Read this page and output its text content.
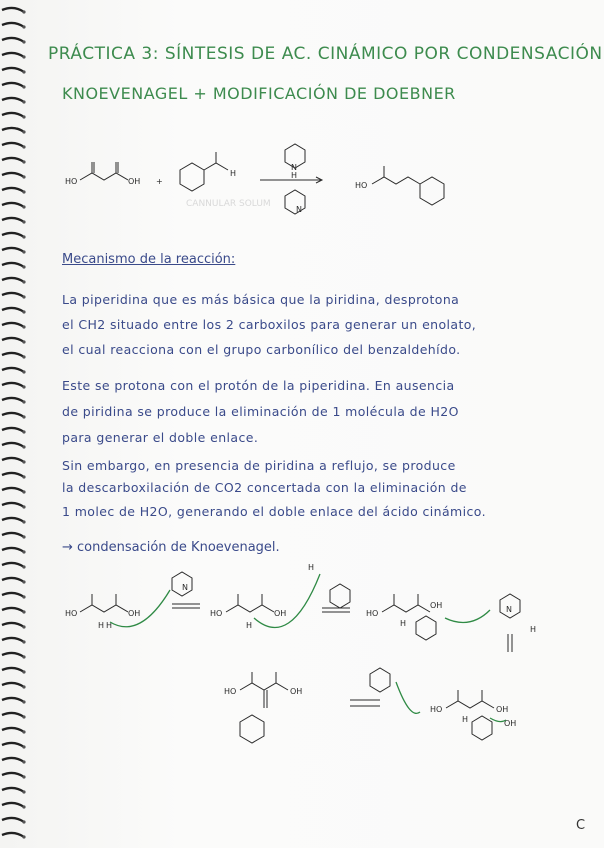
PRÁCTICA 3: SÍNTESIS DE AC. CINÁMICO POR CONDENSACIÓN
KNOEVENAGEL + MODIFICACIÓN DE DOEBNER
HO	OH +
H
N
H
N
HO
CANNULAR SOLUM
Mecanismo de la reacción:
La piperidina que es más básica que la piridina, desprotona
el CH2 situado entre los 2 carboxilos para generar un enolato,
el cual reacciona con el grupo carbonílico del benzaldehído.
Este se protona con el protón de la piperidina. En ausencia
de piridina se produce la eliminación de 1 molécula de H2O
para generar el doble enlace.
Sin embargo, en presencia de piridina a reflujo, se produce
la descarboxilación de CO2 concertada con la eliminación de
1 molec de H2O, generando el doble enlace del ácido cinámico.
→ condensación de Knoevenagel.
HO	OH
H H
N
HO	OH
H
H
HO
OH
H
N
H
HO	OH
HO	OH
H	OH
C
